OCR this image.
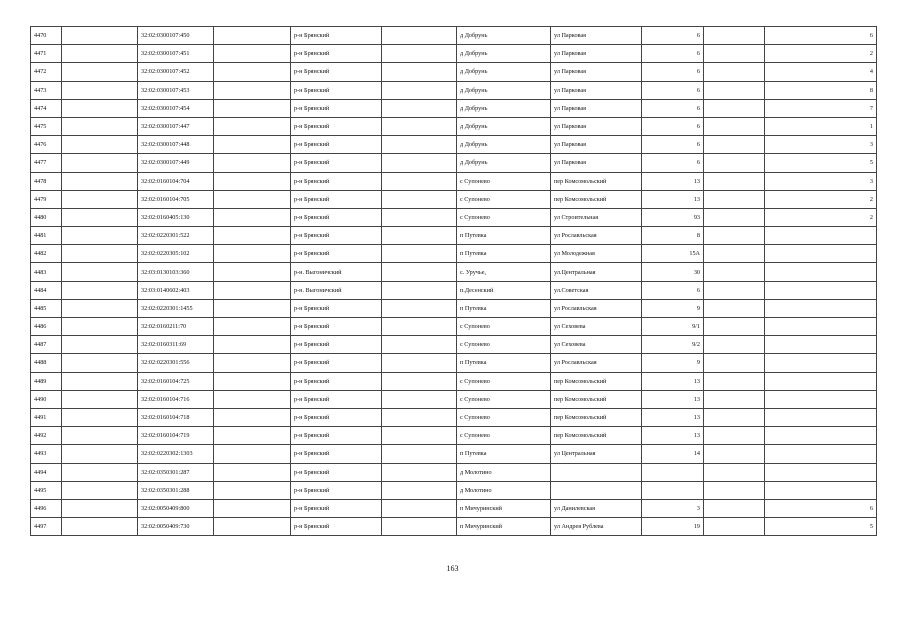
4470		32:02:0300107:450		р-н Брянский		д Добрунь	ул Парковая	6		6
4471		32:02:0300107:451		р-н Брянский		д Добрунь	ул Парковая	6		2
4472		32:02:0300107:452		р-н Брянский		д Добрунь	ул Парковая	6		4
4473		32:02:0300107:453		р-н Брянский		д Добрунь	ул Парковая	6		8
4474		32:02:0300107:454		р-н Брянский		д Добрунь	ул Парковая	6		7
4475		32:02:0300107:447		р-н Брянский		д Добрунь	ул Парковая	6		1
4476		32:02:0300107:448		р-н Брянский		д Добрунь	ул Парковая	6		3
4477		32:02:0300107:449		р-н Брянский		д Добрунь	ул Парковая	6		5
4478		32:02:0160104:704		р-н Брянский		с Супонево	пер Комсомольский	13		3
4479		32:02:0160104:705		р-н Брянский		с Супонево	пер Комсомольский	13		2
4480		32:02:0160405:130		р-н Брянский		с Супонево	ул Строительная	93		2
4481		32:02:0220301:522		р-н Брянский		п Путевка	ул Рославльская	8		
4482		32:02:0220305:102		р-н Брянский		п Путевка	ул Молодежная	15А		
4483		32:03:0130103:360		р-н. Выгоничский		с. Уручье,	ул.Центральная	30		
4484		32:03:0140602:403		р-н. Выгоничский		п.Десенский	ул.Советская	6		
4485		32:02:0220301:1455		р-н Брянский		п Путевка	ул Рославльская	9		
4486		32:02:0160211:70		р-н Брянский		с Супонево	ул Сеховева	9/1		
4487		32:02:0160311:69		р-н Брянский		с Супонево	ул Сеховева	9/2		
4488		32:02:0220301:556		р-н Брянский		п Путевка	ул Рославльская	9		
4489		32:02:0160104:725		р-н Брянский		с Супонево	пер Комсомольский	13		
4490		32:02:0160104:716		р-н Брянский		с Супонево	пер Комсомольский	13		
4491		32:02:0160104:718		р-н Брянский		с Супонево	пер Комсомольский	13		
4492		32:02:0160104:719		р-н Брянский		с Супонево	пер Комсомольский	13		
4493		32:02:0220302:1303		р-н Брянский		п Путевка	ул Центральная	14		
4494		32:02:0350301:287		р-н Брянский		д Молотино				
4495		32:02:0350301:288		р-н Брянский		д Молотино				
4496		32:02:0050409:800		р-н Брянский		п Мичуринский	ул Данилевская	3		6
4497		32:02:0050409:730		р-н Брянский		п Мичуринский	ул Андрея Рублева	19		5
163
